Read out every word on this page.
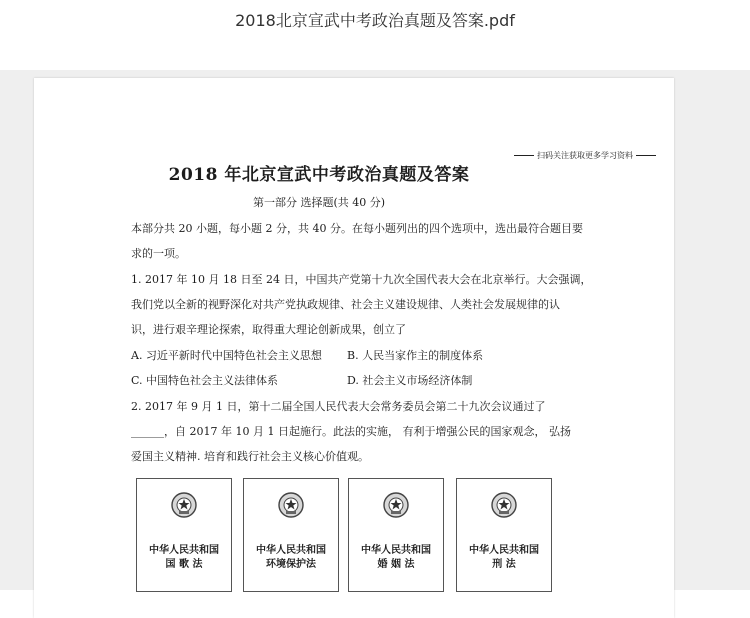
2018北京宣武中考政治真题及答案.pdf
扫码关注获取更多学习资料
2018 年北京宣武中考政治真题及答案
第一部分 选择题(共 40 分)
本部分共 20 小题，每小题 2 分，共 40 分。在每小题列出的四个选项中，选出最符合题目要
求的一项。
1. 2017 年 10 月 18 日至 24 日，中国共产党第十九次全国代表大会在北京举行。大会强调，
我们党以全新的视野深化对共产党执政规律、社会主义建设规律、人类社会发展规律的认
识，进行艰辛理论探索，取得重大理论创新成果，创立了
A. 习近平新时代中国特色社会主义思想 B. 人民当家作主的制度体系
C. 中国特色社会主义法律体系	D. 社会主义市场经济体制
2. 2017 年 9 月 1 日，第十二届全国人民代表大会常务委员会第二十九次会议通过了
______，自 2017 年 10 月 1 日起施行。此法的实施， 有利于增强公民的国家观念， 弘扬
爱国主义精神. 培育和践行社会主义核心价值观。
中华人民共和国
国 歌 法
中华人民共和国
环境保护法
中华人民共和国
婚 姻 法
中华人民共和国
刑 法
